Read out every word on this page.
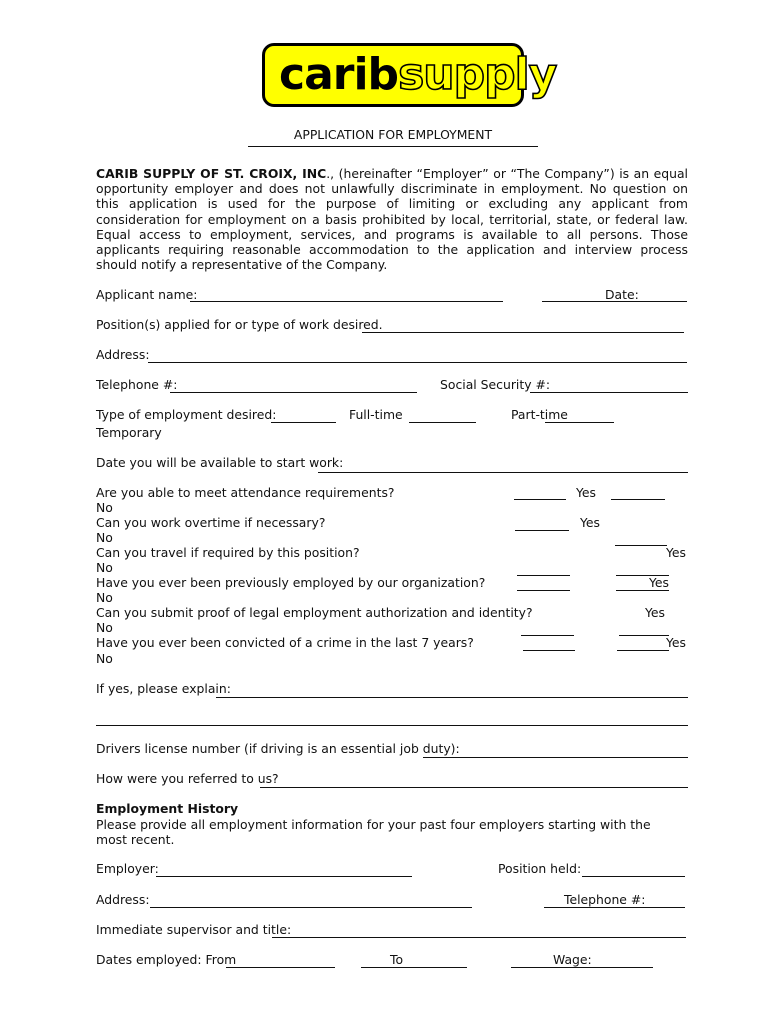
caribsupply
APPLICATION FOR EMPLOYMENT

CARIB SUPPLY OF ST. CROIX, INC., (hereinafter “Employer” or “The Company”) is an equal opportunity employer and does not unlawfully discriminate in employment. No question on this application is used for the purpose of limiting or excluding any applicant from consideration for employment on a basis prohibited by local, territorial, state, or federal law. Equal access to employment, services, and programs is available to all persons. Those applicants requiring reasonable accommodation to the application and interview process should notify a representative of the Company.

Applicant name:	Date:
Position(s) applied for or type of work desired.
Address:
Telephone #:	Social Security #:
Type of employment desired:	Full-time	Part-time
Temporary
Date you will be available to start work:
Are you able to meet attendance requirements?	Yes
No
Can you work overtime if necessary?	Yes
No
Can you travel if required by this position?	Yes
No
Have you ever been previously employed by our organization?	Yes
No
Can you submit proof of legal employment authorization and identity?	Yes
No
Have you ever been convicted of a crime in the last 7 years?	Yes
No
If yes, please explain:
Drivers license number (if driving is an essential job duty):
How were you referred to us?
Employment History
Please provide all employment information for your past four employers starting with the
most recent.
Employer:	Position held:
Address:	Telephone #:
Immediate supervisor and title:
Dates employed: From	To	Wage:
